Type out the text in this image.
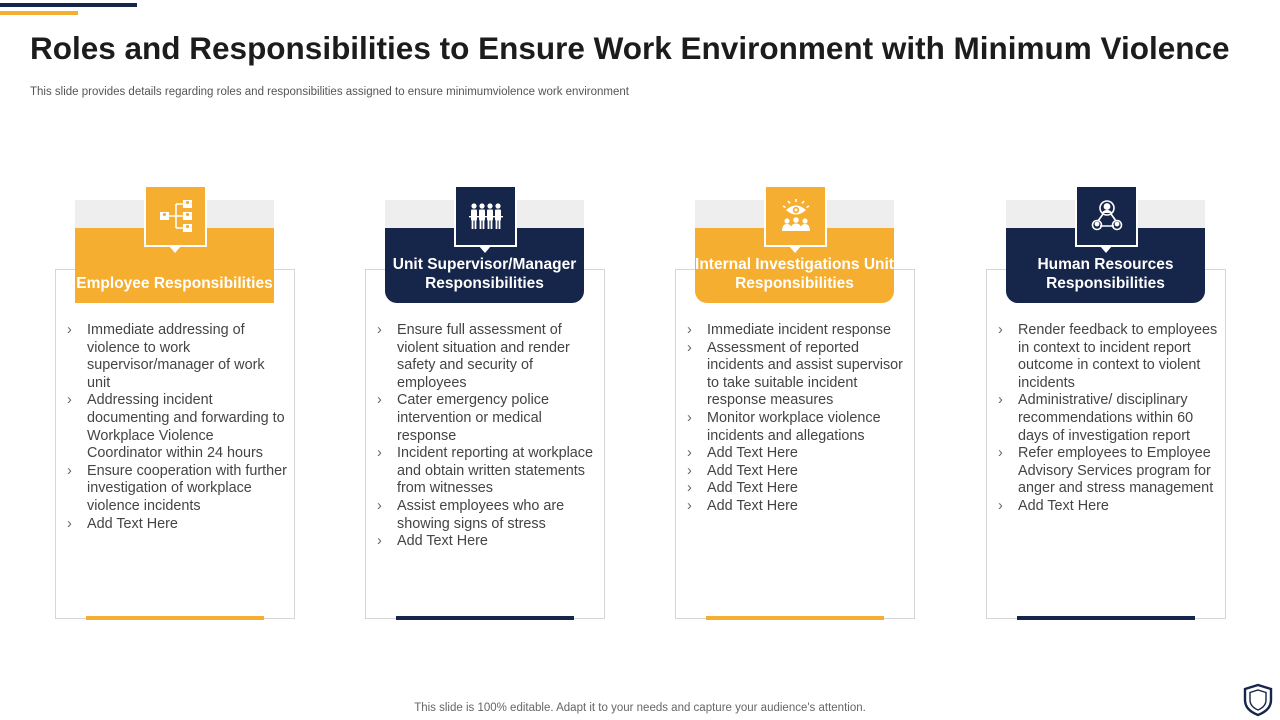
Roles and Responsibilities to Ensure Work Environment with Minimum Violence

This slide provides details regarding roles and responsibilities assigned to ensure minimumviolence work environment

Employee Responsibilities
› Immediate addressing of violence to work supervisor/manager of work unit
› Addressing incident documenting and forwarding to Workplace Violence Coordinator within 24 hours
› Ensure cooperation with further investigation of workplace violence incidents
› Add Text Here
Unit Supervisor/Manager Responsibilities
› Ensure full assessment of violent situation and render safety and security of employees
› Cater emergency police intervention or medical response
› Incident reporting at workplace and obtain written statements from witnesses
› Assist employees who are showing signs of stress
› Add Text Here
Internal Investigations Unit Responsibilities
› Immediate incident response
› Assessment of reported incidents and assist supervisor to take suitable incident response measures
› Monitor workplace violence incidents and allegations
› Add Text Here
› Add Text Here
› Add Text Here
› Add Text Here
Human Resources Responsibilities
› Render feedback to employees in context to incident report outcome in context to violent incidents
› Administrative/ disciplinary recommendations within 60 days of investigation report
› Refer employees to Employee Advisory Services program for anger and stress management
› Add Text Here

This slide is 100% editable. Adapt it to your needs and capture your audience's attention.
